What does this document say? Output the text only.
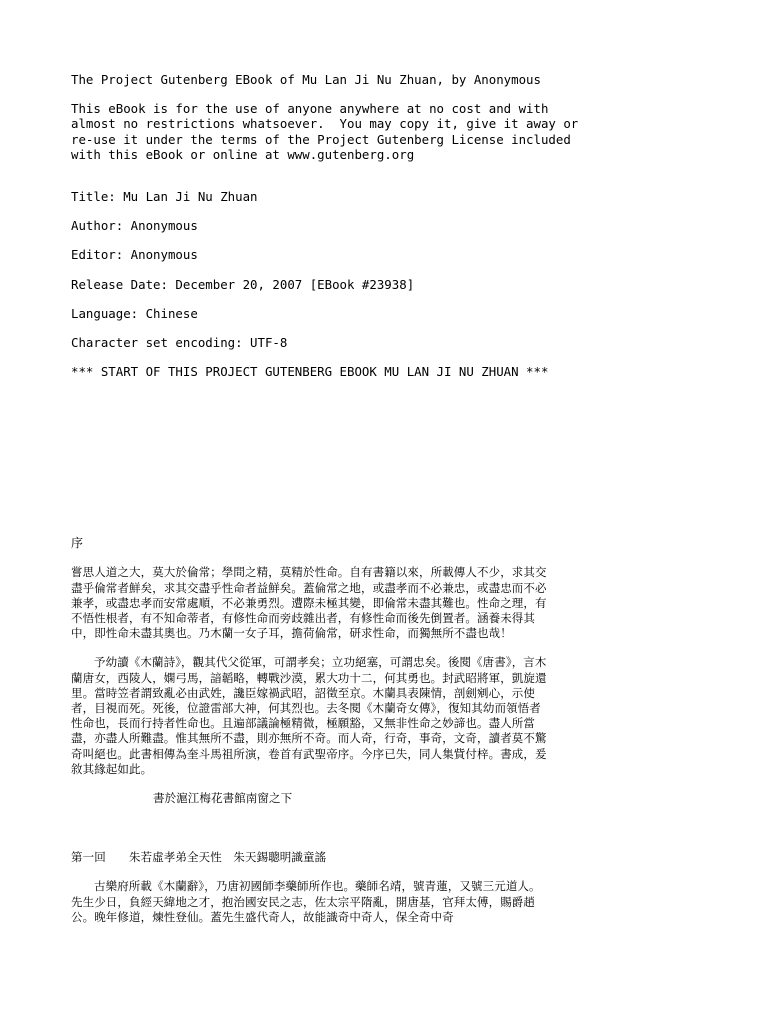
The Project Gutenberg EBook of Mu Lan Ji Nu Zhuan, by Anonymous

This eBook is for the use of anyone anywhere at no cost and with

almost no restrictions whatsoever.  You may copy it, give it away or

re-use it under the terms of the Project Gutenberg License included

with this eBook or online at www.gutenberg.org

Title: Mu Lan Ji Nu Zhuan

Author: Anonymous

Editor: Anonymous

Release Date: December 20, 2007 [EBook #23938]

Language: Chinese

Character set encoding: UTF-8

*** START OF THIS PROJECT GUTENBERG EBOOK MU LAN JI NU ZHUAN ***

序

嘗思人道之大，莫大於倫常；學問之精，莫精於性命。自有書籍以來，所載傳人不少，求其交盡乎倫常者鮮矣，求其交盡乎性命者益鮮矣。蓋倫常之地，或盡孝而不必兼忠，或盡忠而不必兼孝，或盡忠孝而安常處順，不必兼勇烈。遭際未極其變，即倫常未盡其難也。性命之理，有不悟性根者，有不知命蒂者，有修性命而旁歧雜出者，有修性命而後先倒置者。涵養未得其中，即性命未盡其奧也。乃木蘭一女子耳，擔荷倫常，研求性命，而獨無所不盡也哉！

予幼讀《木蘭詩》，觀其代父從軍，可謂孝矣；立功絕塞，可謂忠矣。後閱《唐書》，言木蘭唐女，西陵人，嫻弓馬，諳韜略，轉戰沙漠，累大功十二，何其勇也。封武昭將軍，凱旋還里。當時笠者謂致亂必由武姓，讒臣嫁禍武昭，詔徵至京。木蘭具表陳情，剖劍剜心，示使者，目視而死。死後，位證雷部大神，何其烈也。去冬閱《木蘭奇女傳》，復知其幼而領悟者性命也，長而行持者性命也。且遍部議論極精微，極願豁，又無非性命之妙諦也。盡人所當盡，亦盡人所難盡。惟其無所不盡，則亦無所不奇。而人奇，行奇，事奇，文奇，讀者莫不驚奇叫絕也。此書相傳為奎斗馬祖所演，卷首有武聖帝序。今序已失，同人集貲付梓。書成，爰敘其緣起如此。

書於滬江梅花書館南窗之下

第一回　　朱若虛孝弟全天性　朱天錫聰明識童謠

古樂府所載《木蘭辭》，乃唐初國師李藥師所作也。藥師名靖，號青蓮，又號三元道人。先生少日，負經天緯地之才，抱治國安民之志，佐太宗平隋亂，開唐基，官拜太傅，賜爵趙公。晚年修道，煉性登仙。蓋先生盛代奇人，故能識奇中奇人，保全奇中奇
